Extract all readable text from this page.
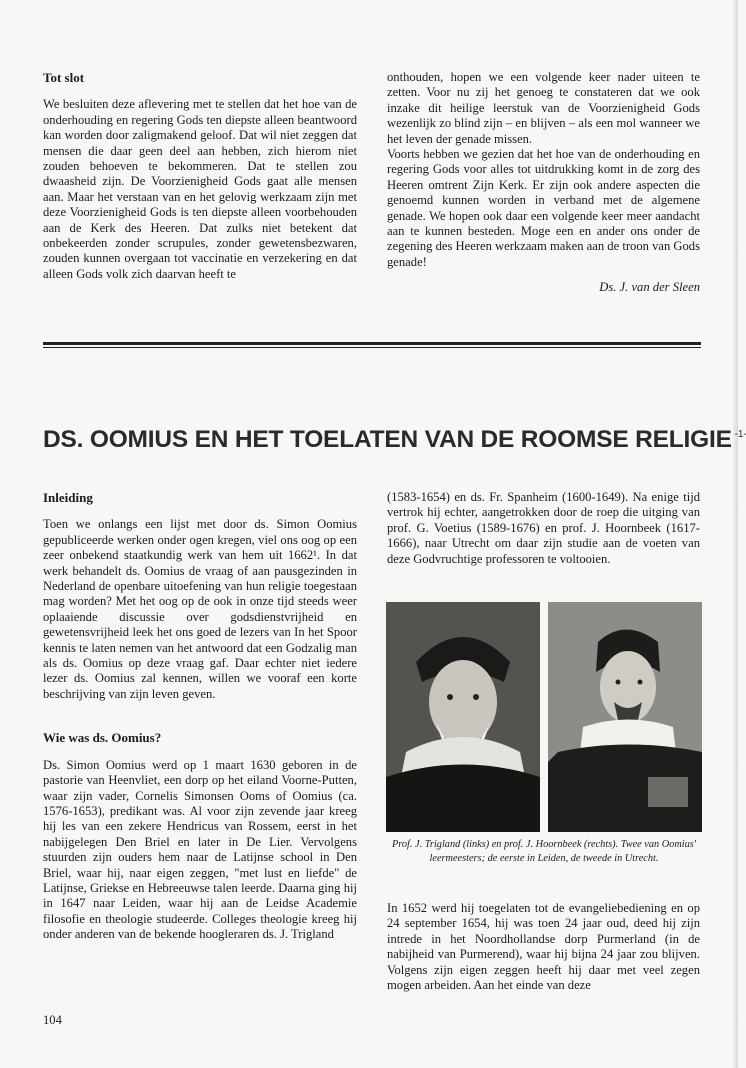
Tot slot

We besluiten deze aflevering met te stellen dat het hoe van de onderhouding en regering Gods ten diepste alleen beantwoord kan worden door zaligmakend geloof. Dat wil niet zeggen dat mensen die daar geen deel aan hebben, zich hierom niet zouden behoeven te bekommeren. Dat te stellen zou dwaasheid zijn. De Voorzienigheid Gods gaat alle mensen aan. Maar het verstaan van en het gelovig werkzaam zijn met deze Voorzienigheid Gods is ten diepste alleen voorbehouden aan de Kerk des Heeren. Dat zulks niet betekent dat onbekeerden zonder scrupules, zonder gewetensbezwaren, zouden kunnen overgaan tot vaccinatie en verzekering en dat alleen Gods volk zich daarvan heeft te

onthouden, hopen we een volgende keer nader uiteen te zetten. Voor nu zij het genoeg te constateren dat we ook inzake dit heilige leerstuk van de Voorzienigheid Gods wezenlijk zo blind zijn – en blijven – als een mol wanneer we het leven der genade missen.

Voorts hebben we gezien dat het hoe van de onderhouding en regering Gods voor alles tot uitdrukking komt in de zorg des Heeren omtrent Zijn Kerk. Er zijn ook andere aspecten die genoemd kunnen worden in verband met de algemene genade. We hopen ook daar een volgende keer meer aandacht aan te kunnen besteden. Moge een en ander ons onder de zegening des Heeren werkzaam maken aan de troon van Gods genade!

Ds. J. van der Sleen
DS. OOMIUS EN HET TOELATEN VAN DE ROOMSE RELIGIE $^{-1-}$
Inleiding

Toen we onlangs een lijst met door ds. Simon Oomius gepubliceerde werken onder ogen kregen, viel ons oog op een zeer onbekend staatkundig werk van hem uit 1662¹. In dat werk behandelt ds. Oomius de vraag of aan pausgezinden in Nederland de openbare uitoefening van hun religie toegestaan mag worden? Met het oog op de ook in onze tijd steeds weer oplaaiende discussie over godsdienstvrijheid en gewetensvrijheid leek het ons goed de lezers van In het Spoor kennis te laten nemen van het antwoord dat een Godzalig man als ds. Oomius op deze vraag gaf. Daar echter niet iedere lezer ds. Oomius zal kennen, willen we vooraf een korte beschrijving van zijn leven geven.

Wie was ds. Oomius?

Ds. Simon Oomius werd op 1 maart 1630 geboren in de pastorie van Heenvliet, een dorp op het eiland Voorne-Putten, waar zijn vader, Cornelis Simonsen Ooms of Oomius (ca. 1576-1653), predikant was. Al voor zijn zevende jaar kreeg hij les van een zekere Hendricus van Rossem, eerst in het nabijgelegen Den Briel en later in De Lier. Vervolgens stuurden zijn ouders hem naar de Latijnse school in Den Briel, waar hij, naar eigen zeggen, "met lust en liefde" de Latijnse, Griekse en Hebreeuwse talen leerde. Daarna ging hij in 1647 naar Leiden, waar hij aan de Leidse Academie filosofie en theologie studeerde. Colleges theologie kreeg hij onder anderen van de bekende hoogleraren ds. J. Trigland

(1583-1654) en ds. Fr. Spanheim (1600-1649). Na enige tijd vertrok hij echter, aangetrokken door de roep die uitging van prof. G. Voetius (1589-1676) en prof. J. Hoornbeek (1617-1666), naar Utrecht om daar zijn studie aan de voeten van deze Godvruchtige professoren te voltooien.

Prof. J. Trigland (links) en prof. J. Hoornbeek (rechts). Twee van Oomius' leermeesters; de eerste in Leiden, de tweede in Utrecht.

In 1652 werd hij toegelaten tot de evangeliebediening en op 24 september 1654, hij was toen 24 jaar oud, deed hij zijn intrede in het Noordhollandse dorp Purmerland (in de nabijheid van Purmerend), waar hij bijna 24 jaar zou blijven. Volgens zijn eigen zeggen heeft hij daar met veel zegen mogen arbeiden. Aan het einde van deze

104
